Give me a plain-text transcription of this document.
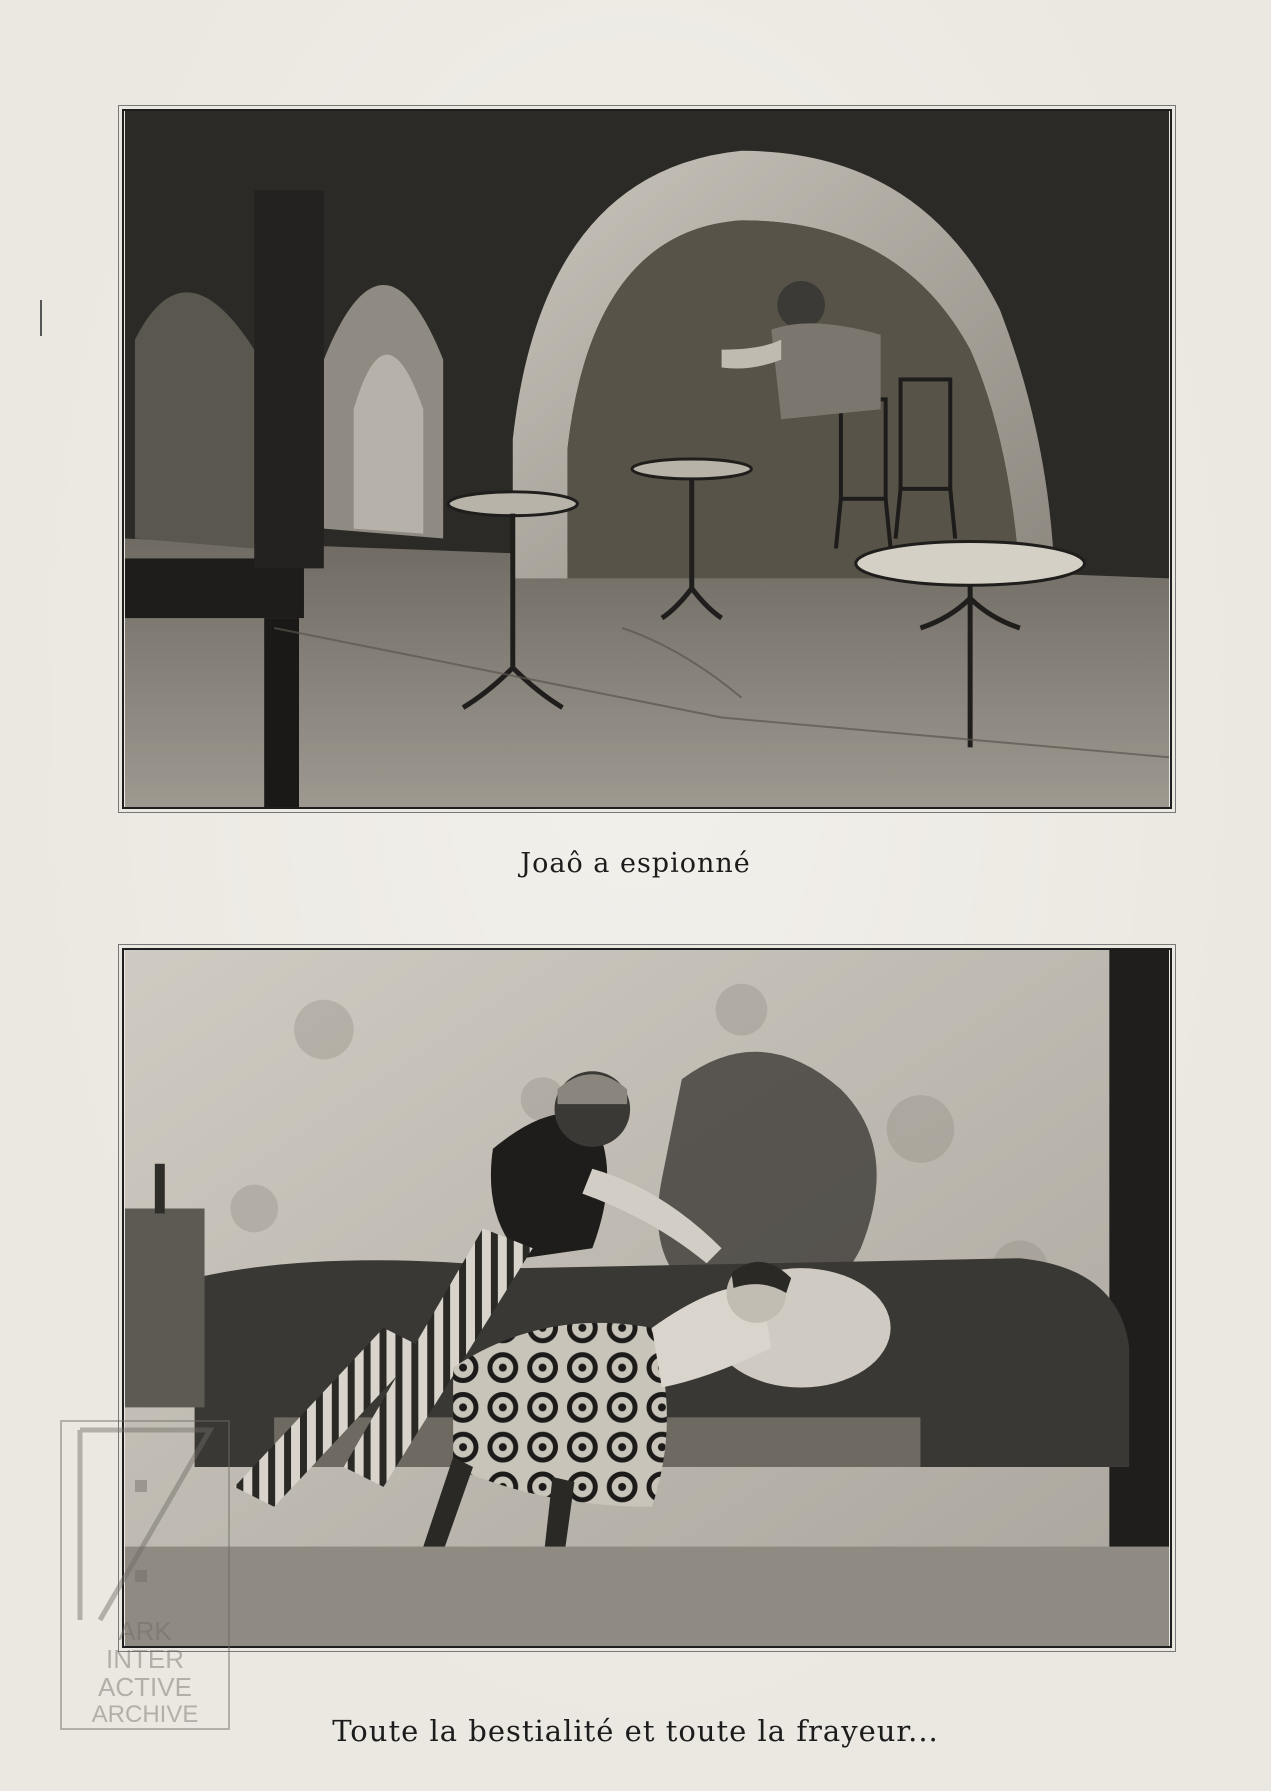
Joaô a espionné
Toute la bestialité et toute la frayeur...
ARK
INTER
ACTIVE
ARCHIVE
